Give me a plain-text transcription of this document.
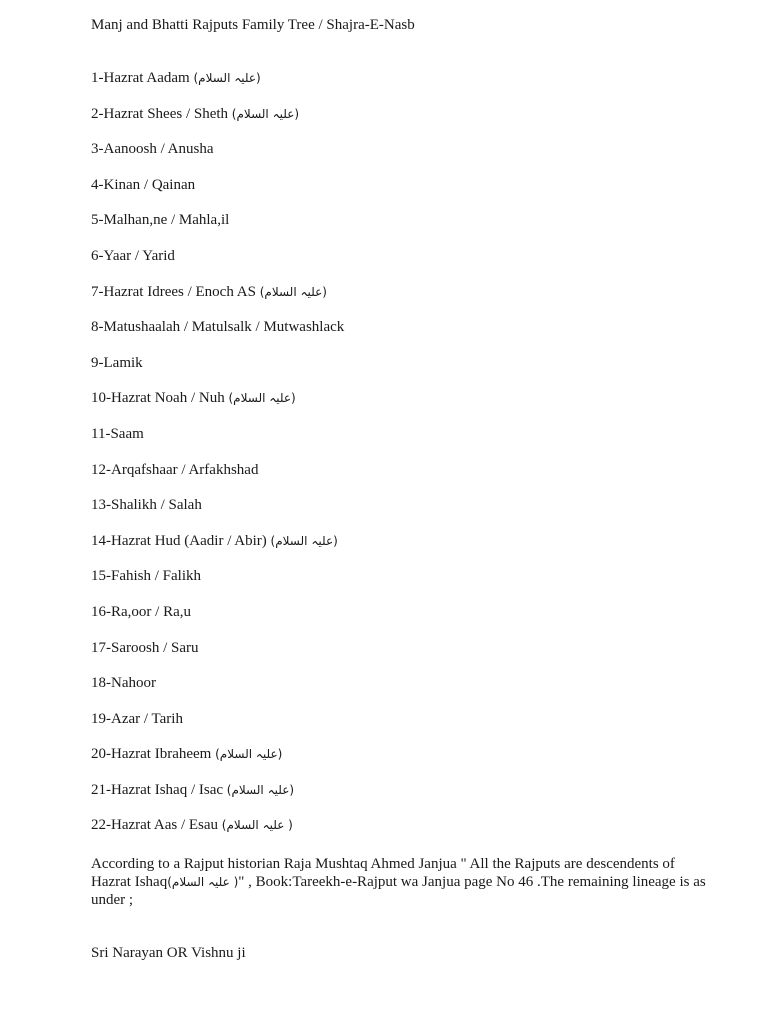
Manj and Bhatti Rajputs Family Tree / Shajra-E-Nasb
1-Hazrat Aadam (علیہ السلام)
2-Hazrat Shees / Sheth (علیہ السلام)
3-Aanoosh / Anusha
4-Kinan / Qainan
5-Malhan,ne / Mahla,il
6-Yaar / Yarid
7-Hazrat Idrees / Enoch AS (علیہ السلام)
8-Matushaalah / Matulsalk / Mutwashlack
9-Lamik
10-Hazrat Noah / Nuh (علیہ السلام)
11-Saam
12-Arqafshaar / Arfakhshad
13-Shalikh / Salah
14-Hazrat Hud (Aadir / Abir) (علیہ السلام)
15-Fahish / Falikh
16-Ra,oor / Ra,u
17-Saroosh / Saru
18-Nahoor
19-Azar / Tarih
20-Hazrat Ibraheem (علیہ السلام)
21-Hazrat Ishaq / Isac (علیہ السلام)
22-Hazrat Aas / Esau ( علیہ السلام)
According to a Rajput historian Raja Mushtaq Ahmed Janjua " All the Rajputs are descendents of Hazrat Ishaq( علیہ السلام)" , Book:Tareekh-e-Rajput wa Janjua page No 46 .The remaining lineage is as under ;
Sri Narayan OR Vishnu ji
